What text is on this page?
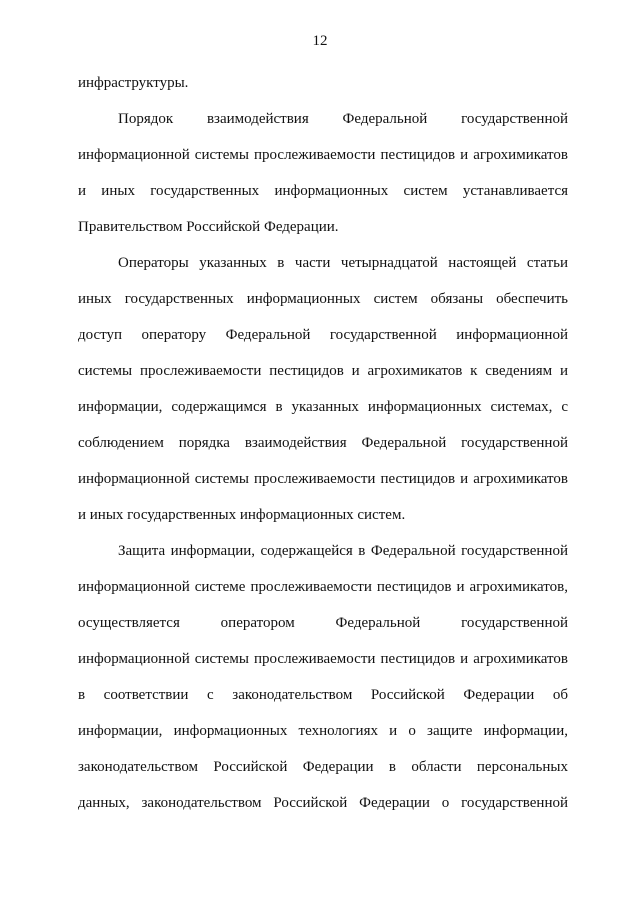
12
инфраструктуры.
Порядок взаимодействия Федеральной государственной
информационной системы прослеживаемости пестицидов и агрохимикатов
и иных государственных информационных систем устанавливается
Правительством Российской Федерации.
Операторы указанных в части четырнадцатой настоящей статьи
иных государственных информационных систем обязаны обеспечить
доступ оператору Федеральной государственной информационной
системы прослеживаемости пестицидов и агрохимикатов к сведениям и
информации, содержащимся в указанных информационных системах, с
соблюдением порядка взаимодействия Федеральной государственной
информационной системы прослеживаемости пестицидов и агрохимикатов
и иных государственных информационных систем.
Защита информации, содержащейся в Федеральной государственной
информационной системе прослеживаемости пестицидов и агрохимикатов,
осуществляется оператором Федеральной государственной
информационной системы прослеживаемости пестицидов и агрохимикатов
в соответствии с законодательством Российской Федерации об
информации, информационных технологиях и о защите информации,
законодательством Российской Федерации в области персональных
данных, законодательством Российской Федерации о государственной
